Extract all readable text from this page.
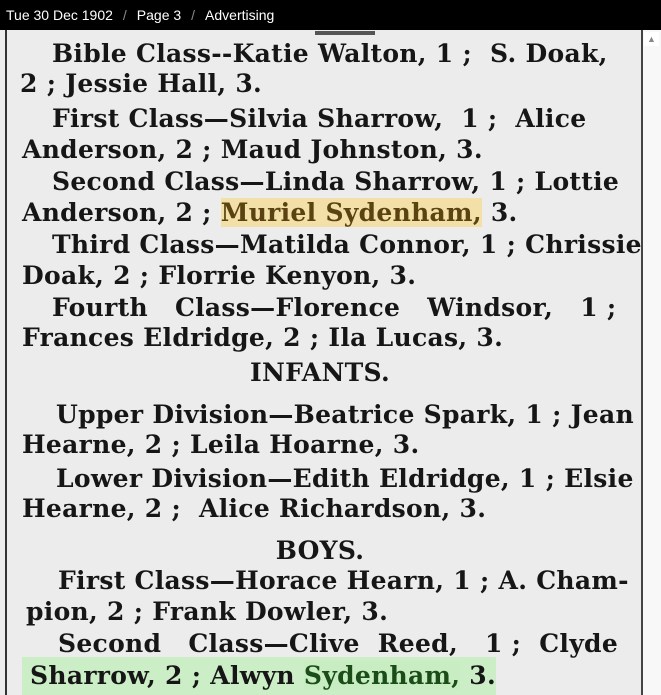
Tue 30 Dec 1902 / Page 3 / Advertising
▲
Bible Class--Katie Walton, 1 ;  S. Doak,
2 ; Jessie Hall, 3.
First Class—Silvia Sharrow,  1 ;  Alice
Anderson, 2 ; Maud Johnston, 3.
Second Class—Linda Sharrow, 1 ; Lottie
Anderson, 2 ; Muriel Sydenham, 3.
Third Class—Matilda Connor, 1 ; Chrissie
Doak, 2 ; Florrie Kenyon, 3.
Fourth   Class—Florence   Windsor,   1 ;
Frances Eldridge, 2 ; Ila Lucas, 3.
INFANTS.
Upper Division—Beatrice Spark, 1 ; Jean
Hearne, 2 ; Leila Hoarne, 3.
Lower Division—Edith Eldridge, 1 ; Elsie
Hearne, 2 ;  Alice Richardson, 3.
BOYS.
First Class—Horace Hearn, 1 ; A. Cham-
pion, 2 ; Frank Dowler, 3.
Second   Class—Clive  Reed,   1 ;  Clyde
Sharrow, 2 ; Alwyn Sydenham, 3.
